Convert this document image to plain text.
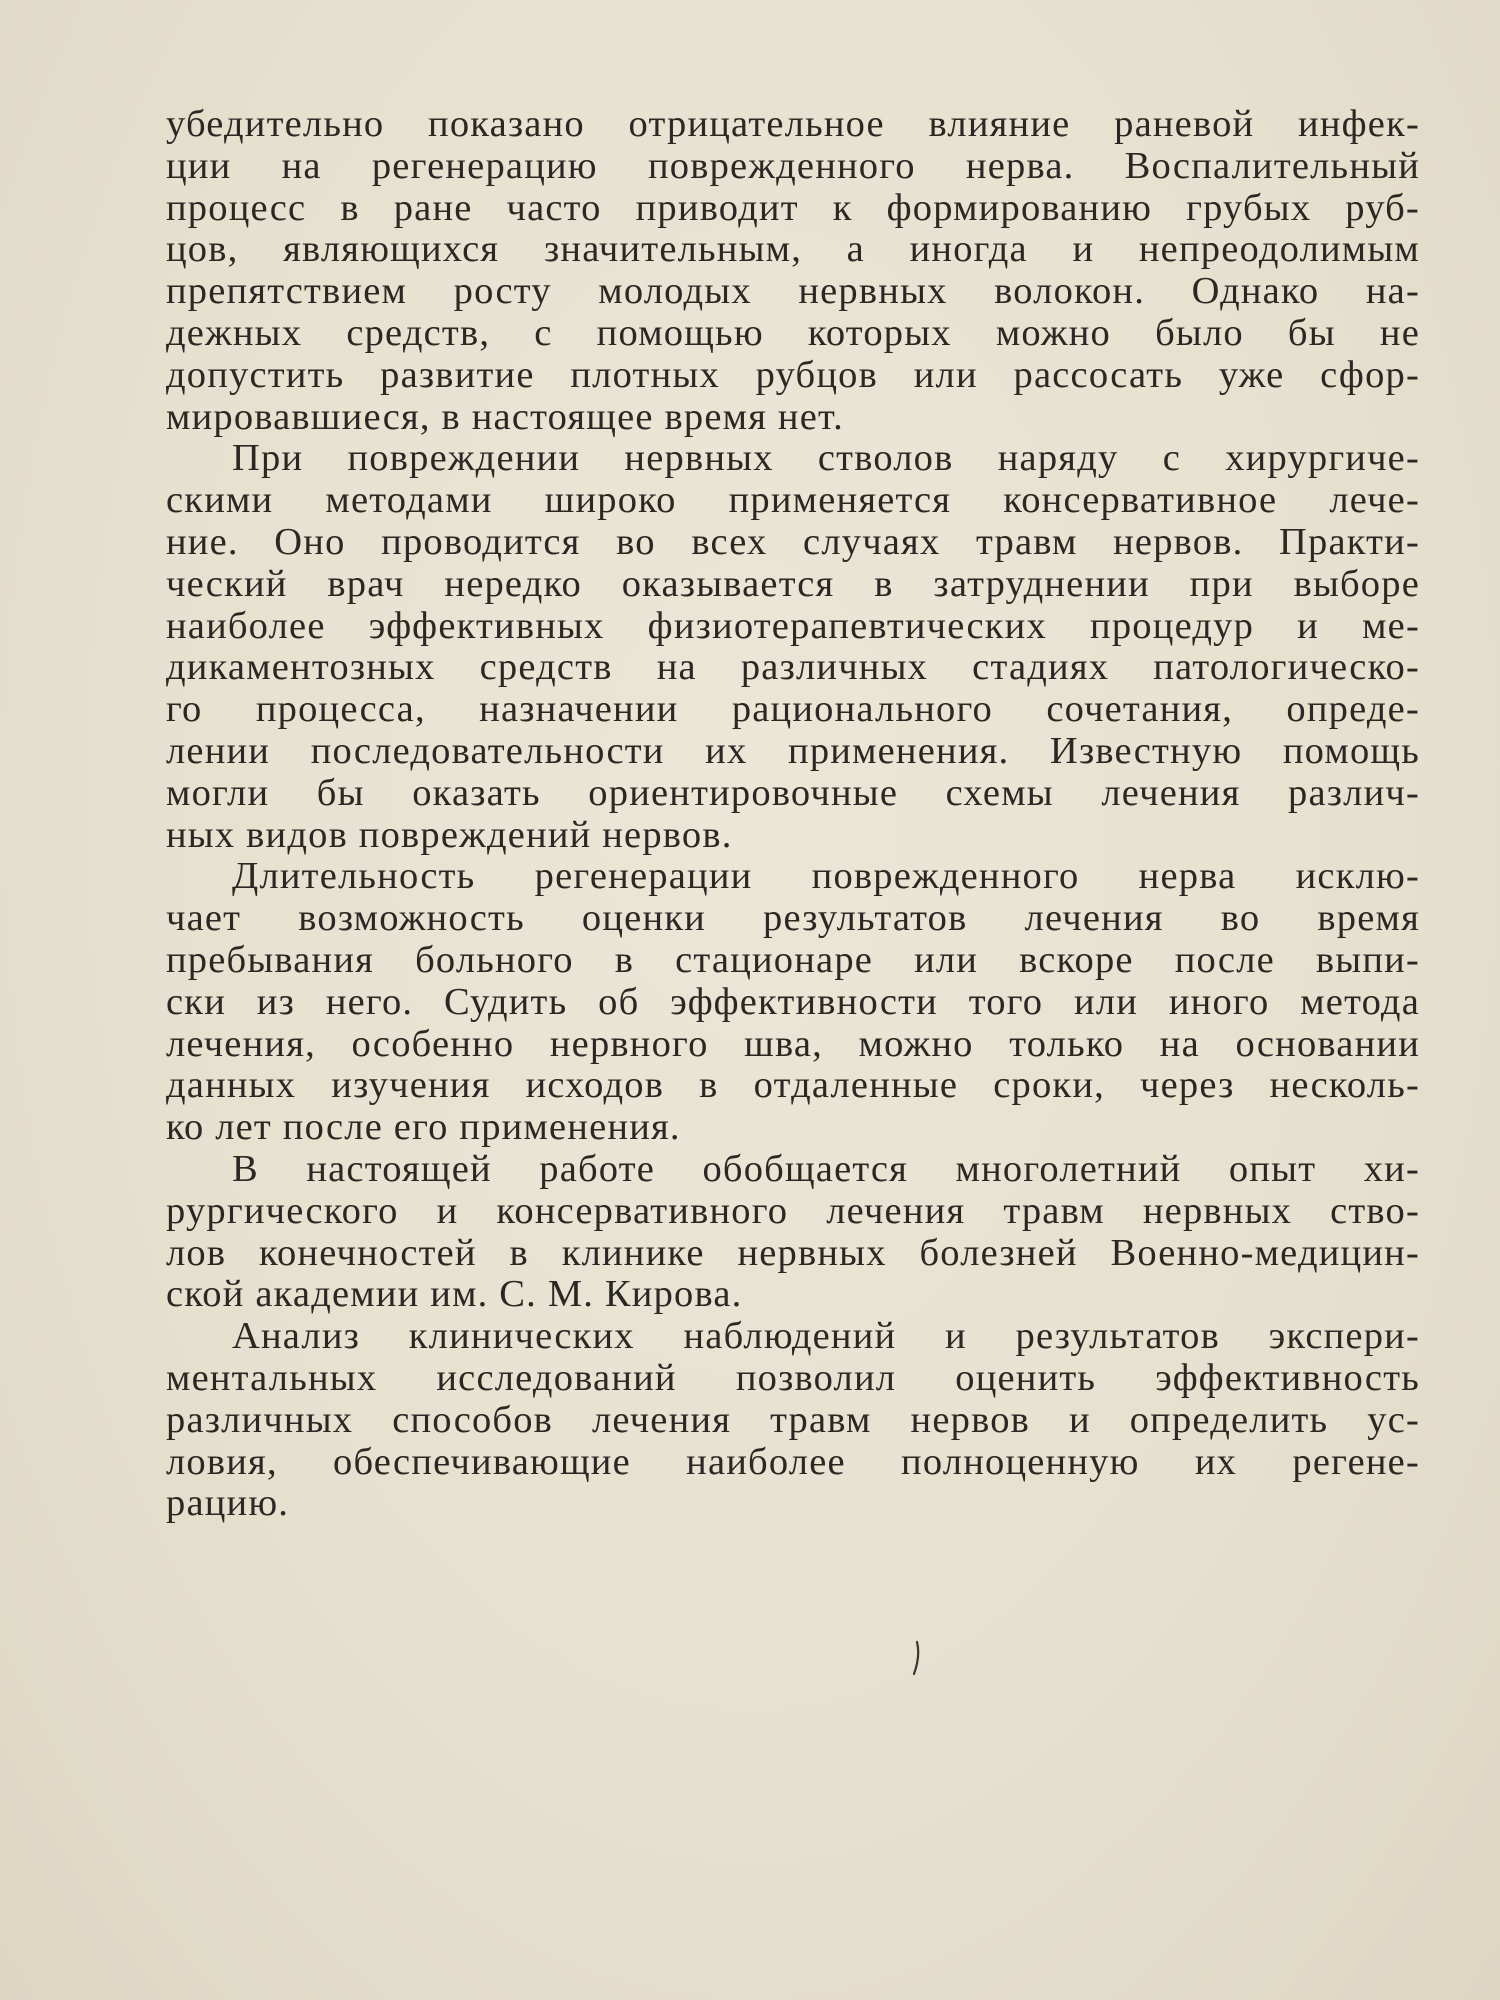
убедительно показано отрицательное влияние раневой инфек-
ции на регенерацию поврежденного нерва. Воспалительный
процесс в ране часто приводит к формированию грубых руб-
цов, являющихся значительным, а иногда и непреодолимым
препятствием росту молодых нервных волокон. Однако на-
дежных средств, с помощью которых можно было бы не
допустить развитие плотных рубцов или рассосать уже сфор-
мировавшиеся, в настоящее время нет.
При повреждении нервных стволов наряду с хирургиче-
скими методами широко применяется консервативное лече-
ние. Оно проводится во всех случаях травм нервов. Практи-
ческий врач нередко оказывается в затруднении при выборе
наиболее эффективных физиотерапевтических процедур и ме-
дикаментозных средств на различных стадиях патологическо-
го процесса, назначении рационального сочетания, опреде-
лении последовательности их применения. Известную помощь
могли бы оказать ориентировочные схемы лечения различ-
ных видов повреждений нервов.
Длительность регенерации поврежденного нерва исклю-
чает возможность оценки результатов лечения во время
пребывания больного в стационаре или вскоре после выпи-
ски из него. Судить об эффективности того или иного метода
лечения, особенно нервного шва, можно только на основании
данных изучения исходов в отдаленные сроки, через несколь-
ко лет после его применения.
В настоящей работе обобщается многолетний опыт хи-
рургического и консервативного лечения травм нервных ство-
лов конечностей в клинике нервных болезней Военно-медицин-
ской академии им. С. М. Кирова.
Анализ клинических наблюдений и результатов экспери-
ментальных исследований позволил оценить эффективность
различных способов лечения травм нервов и определить ус-
ловия, обеспечивающие наиболее полноценную их регене-
рацию.
